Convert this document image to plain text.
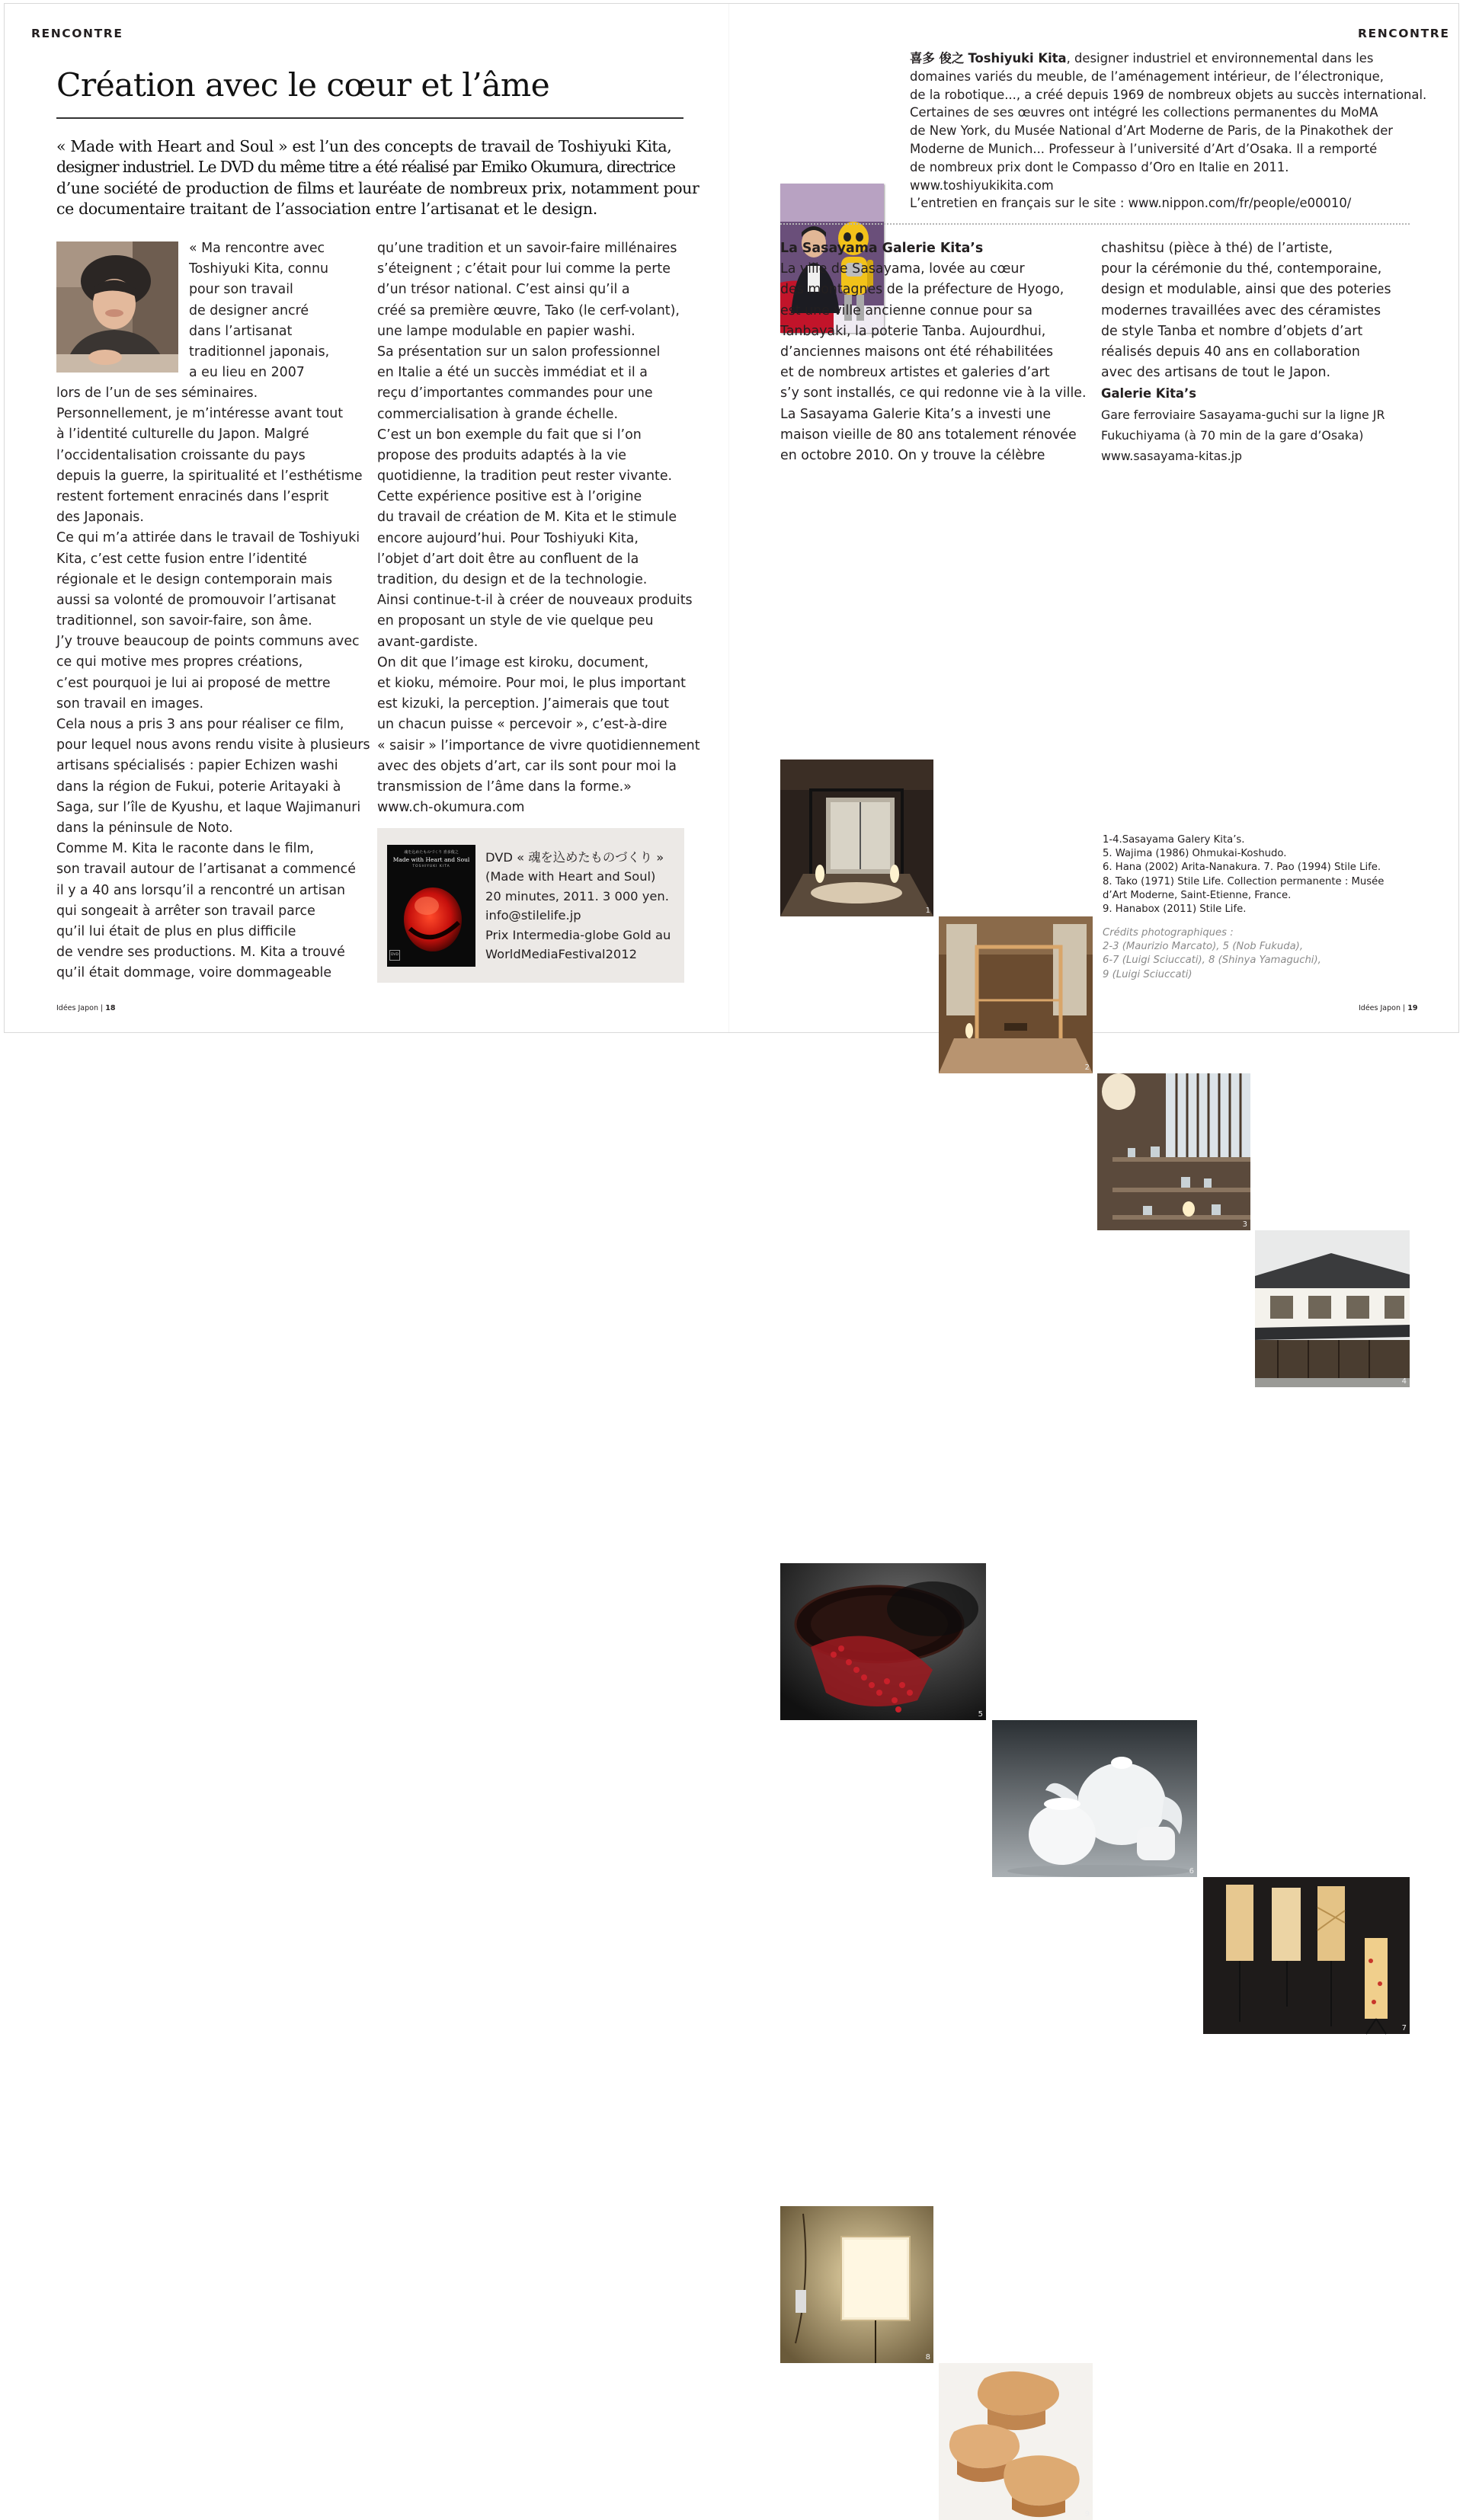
RENCONTRE
Création avec le cœur et l’âme
« Made with Heart and Soul » est l’un des concepts de travail de Toshiyuki Kita,
designer industriel. Le DVD du même titre a été réalisé par Emiko Okumura, directrice
d’une société de production de films et lauréate de nombreux prix, notamment pour
ce documentaire traitant de l’association entre l’artisanat et le design.
« Ma rencontre avec
Toshiyuki Kita, connu
pour son travail
de designer ancré
dans l’artisanat
traditionnel japonais,
a eu lieu en 2007
lors de l’un de ses séminaires.
Personnellement, je m’intéresse avant tout
à l’identité culturelle du Japon. Malgré
l’occidentalisation croissante du pays
depuis la guerre, la spiritualité et l’esthétisme
restent fortement enracinés dans l’esprit
des Japonais.
Ce qui m’a attirée dans le travail de Toshiyuki
Kita, c’est cette fusion entre l’identité
régionale et le design contemporain mais
aussi sa volonté de promouvoir l’artisanat
traditionnel, son savoir-faire, son âme.
J’y trouve beaucoup de points communs avec
ce qui motive mes propres créations,
c’est pourquoi je lui ai proposé de mettre
son travail en images.
Cela nous a pris 3 ans pour réaliser ce film,
pour lequel nous avons rendu visite à plusieurs
artisans spécialisés : papier Echizen washi
dans la région de Fukui, poterie Aritayaki à
Saga, sur l’île de Kyushu, et laque Wajimanuri
dans la péninsule de Noto.
Comme M. Kita le raconte dans le film,
son travail autour de l’artisanat a commencé
il y a 40 ans lorsqu’il a rencontré un artisan
qui songeait à arrêter son travail parce
qu’il lui était de plus en plus difficile
de vendre ses productions. M. Kita a trouvé
qu’il était dommage, voire dommageable
qu’une tradition et un savoir-faire millénaires
s’éteignent ; c’était pour lui comme la perte
d’un trésor national. C’est ainsi qu’il a
créé sa première œuvre, Tako (le cerf-volant),
une lampe modulable en papier washi.
Sa présentation sur un salon professionnel
en Italie a été un succès immédiat et il a
reçu d’importantes commandes pour une
commercialisation à grande échelle.
C’est un bon exemple du fait que si l’on
propose des produits adaptés à la vie
quotidienne, la tradition peut rester vivante.
Cette expérience positive est à l’origine
du travail de création de M. Kita et le stimule
encore aujourd’hui. Pour Toshiyuki Kita,
l’objet d’art doit être au confluent de la
tradition, du design et de la technologie.
Ainsi continue-t-il à créer de nouveaux produits
en proposant un style de vie quelque peu
avant-gardiste.
On dit que l’image est kiroku, document,
et kioku, mémoire. Pour moi, le plus important
est kizuki, la perception. J’aimerais que tout
un chacun puisse « percevoir », c’est-à-dire
« saisir » l’importance de vivre quotidiennement
avec des objets d’art, car ils sont pour moi la
transmission de l’âme dans la forme.»
www.ch-okumura.com
魂を込めたものづくり 喜多俊之
Made with Heart and Soul
TOSHIYUKI KITA
DVD
DVD « 魂を込めたものづくり »
(Made with Heart and Soul)
20 minutes, 2011. 3 000 yen.
info@stilelife.jp
Prix Intermedia-globe Gold au
WorldMediaFestival2012
Idées Japon | 18
RENCONTRE
喜多 俊之 Toshiyuki Kita, designer industriel et environnemental dans les
domaines variés du meuble, de l’aménagement intérieur, de l’électronique,
de la robotique..., a créé depuis 1969 de nombreux objets au succès international.
Certaines de ses œuvres ont intégré les collections permanentes du MoMA
de New York, du Musée National d’Art Moderne de Paris, de la Pinakothek der
Moderne de Munich... Professeur à l’université d’Art d’Osaka. Il a remporté
de nombreux prix dont le Compasso d’Oro en Italie en 2011.
www.toshiyukikita.com
L’entretien en français sur le site : www.nippon.com/fr/people/e00010/
La Sasayama Galerie Kita’s
La ville de Sasayama, lovée au cœur
des montagnes de la préfecture de Hyogo,
est une ville ancienne connue pour sa
Tanbayaki, la poterie Tanba. Aujourdhui,
d’anciennes maisons ont été réhabilitées
et de nombreux artistes et galeries d’art
s’y sont installés, ce qui redonne vie à la ville.
La Sasayama Galerie Kita’s a investi une
maison vieille de 80 ans totalement rénovée
en octobre 2010. On y trouve la célèbre
chashitsu (pièce à thé) de l’artiste,
pour la cérémonie du thé, contemporaine,
design et modulable, ainsi que des poteries
modernes travaillées avec des céramistes
de style Tanba et nombre d’objets d’art
réalisés depuis 40 ans en collaboration
avec des artisans de tout le Japon.
Galerie Kita’s
Gare ferroviaire Sasayama-guchi sur la ligne JR
Fukuchiyama (à 70 min de la gare d’Osaka)
www.sasayama-kitas.jp
1
2
3
4
5
6
7
8
9
1-4.Sasayama Galery Kita’s.
5. Wajima (1986) Ohmukai-Koshudo.
6. Hana (2002) Arita-Nanakura. 7. Pao (1994) Stile Life.
8. Tako (1971) Stile Life. Collection permanente : Musée
d’Art Moderne, Saint-Etienne, France.
9. Hanabox (2011) Stile Life.
Crédits photographiques :
2-3 (Maurizio Marcato), 5 (Nob Fukuda),
6-7 (Luigi Sciuccati), 8 (Shinya Yamaguchi),
9 (Luigi Sciuccati)
Idées Japon | 19
